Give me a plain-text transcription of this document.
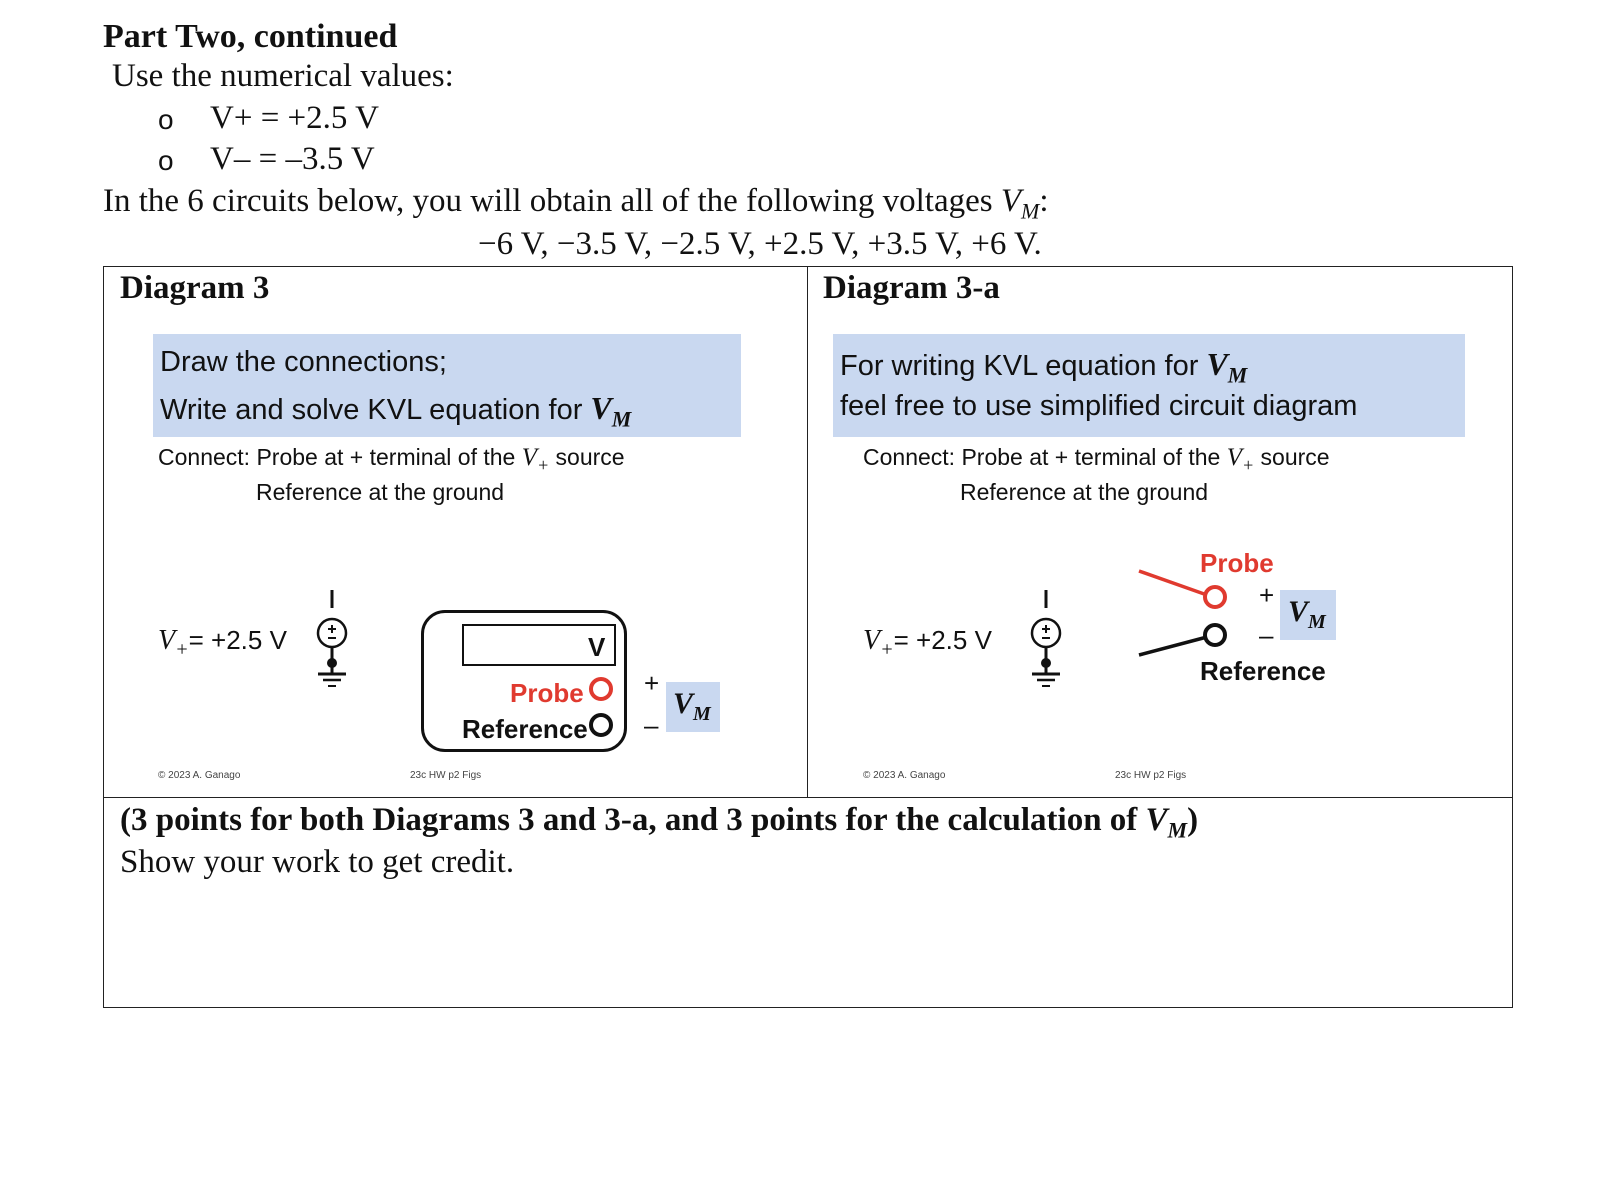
Part Two, continued
Use the numerical values:
o V+ = +2.5 V
o V– = –3.5 V
In the 6 circuits below, you will obtain all of the following voltages $V_M$:
−6 V, −3.5 V, −2.5 V, +2.5 V, +3.5 V, +6 V.
Diagram 3
Draw the connections;
Write and solve KVL equation for $V_M$
Connect: Probe at + terminal of the $V_+$ source
Reference at the ground
$V_+= +2.5$ V	V
Probe
Reference
+
–
$V_M$
© 2023 A. Ganago	23c HW p2 Figs
Diagram 3-a
For writing KVL equation for $V_M$
feel free to use simplified circuit diagram
Connect: Probe at + terminal of the $V_+$ source
Reference at the ground
$V_+= +2.5$ V
Probe
Reference
+
–
$V_M$
© 2023 A. Ganago	23c HW p2 Figs
(3 points for both Diagrams 3 and 3-a, and 3 points for the calculation of $V_M$)
Show your work to get credit.
